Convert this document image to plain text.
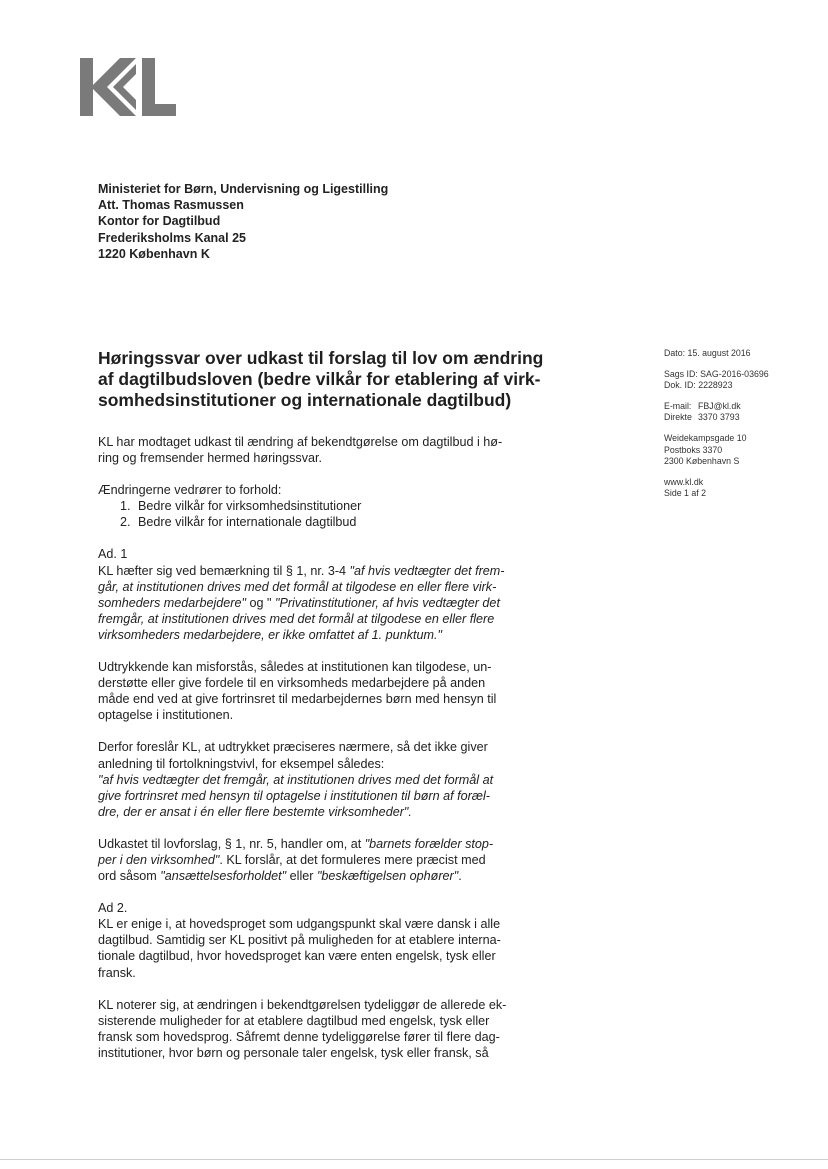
Ministeriet for Børn, Undervisning og Ligestilling
Att. Thomas Rasmussen
Kontor for Dagtilbud
Frederiksholms Kanal 25
1220 København K
Høringssvar over udkast til forslag til lov om ændring
af dagtilbudsloven (bedre vilkår for etablering af virk-
somhedsinstitutioner og internationale dagtilbud)
Dato: 15. august 2016
Sags ID: SAG-2016-03696
Dok. ID: 2228923
E-mail: FBJ@kl.dk
Direkte 3370 3793
Weidekampsgade 10
Postboks 3370
2300 København S
www.kl.dk
Side 1 af 2
KL har modtaget udkast til ændring af bekendtgørelse om dagtilbud i hø-
ring og fremsender hermed høringssvar.
Ændringerne vedrører to forhold:
1. Bedre vilkår for virksomhedsinstitutioner
2. Bedre vilkår for internationale dagtilbud
Ad. 1
KL hæfter sig ved bemærkning til § 1, nr. 3-4 "af hvis vedtægter det frem-
går, at institutionen drives med det formål at tilgodese en eller flere virk-
somheders medarbejdere" og " "Privatinstitutioner, af hvis vedtægter det
fremgår, at institutionen drives med det formål at tilgodese en eller flere
virksomheders medarbejdere, er ikke omfattet af 1. punktum."
Udtrykkende kan misforstås, således at institutionen kan tilgodese, un-
derstøtte eller give fordele til en virksomheds medarbejdere på anden
måde end ved at give fortrinsret til medarbejdernes børn med hensyn til
optagelse i institutionen.
Derfor foreslår KL, at udtrykket præciseres nærmere, så det ikke giver
anledning til fortolkningstvivl, for eksempel således:
"af hvis vedtægter det fremgår, at institutionen drives med det formål at
give fortrinsret med hensyn til optagelse i institutionen til børn af foræl-
dre, der er ansat i én eller flere bestemte virksomheder".
Udkastet til lovforslag, § 1, nr. 5, handler om, at "barnets forælder stop-
per i den virksomhed". KL forslår, at det formuleres mere præcist med
ord såsom "ansættelsesforholdet" eller "beskæftigelsen ophører".
Ad 2.
KL er enige i, at hovedsproget som udgangspunkt skal være dansk i alle
dagtilbud. Samtidig ser KL positivt på muligheden for at etablere interna-
tionale dagtilbud, hvor hovedsproget kan være enten engelsk, tysk eller
fransk.
KL noterer sig, at ændringen i bekendtgørelsen tydeliggør de allerede ek-
sisterende muligheder for at etablere dagtilbud med engelsk, tysk eller
fransk som hovedsprog. Såfremt denne tydeliggørelse fører til flere dag-
institutioner, hvor børn og personale taler engelsk, tysk eller fransk, så
